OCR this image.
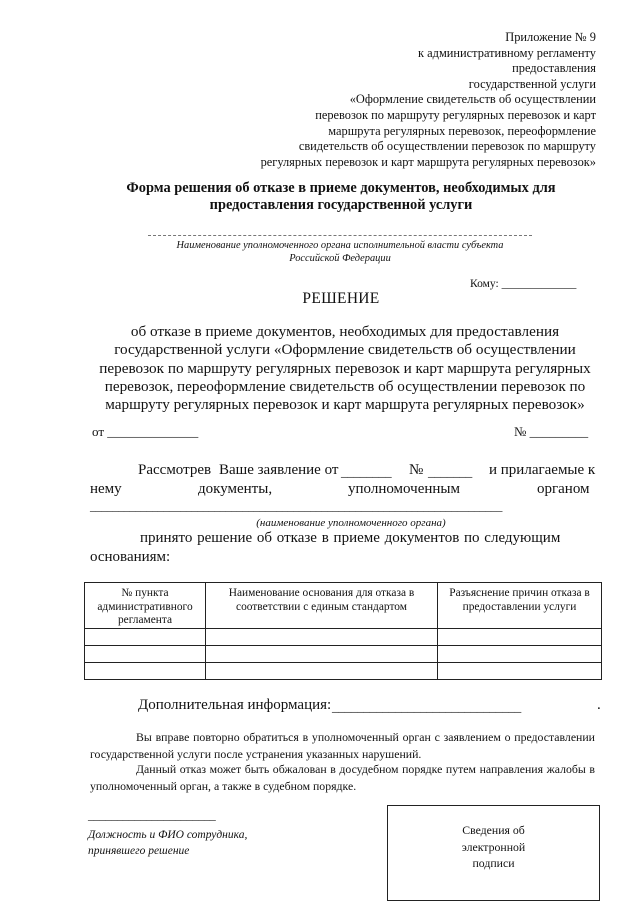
Приложение № 9
к административному регламенту
предоставления
государственной услуги
«Оформление свидетельств об осуществлении
перевозок по маршруту регулярных перевозок и карт
маршрута регулярных перевозок, переоформление
свидетельств об осуществлении перевозок по маршруту
регулярных перевозок и карт маршрута регулярных перевозок»
Форма решения об отказе в приеме документов, необходимых для
предоставления государственной услуги
Наименование уполномоченного органа исполнительной власти субъекта
Российской Федерации
Кому: _____________
РЕШЕНИЕ
об отказе в приеме документов, необходимых для предоставления
государственной услуги «Оформление свидетельств об осуществлении
перевозок по маршруту регулярных перевозок и карт маршрута регулярных
перевозок, переоформление свидетельств об осуществлении перевозок по
маршруту регулярных перевозок и карт маршрута регулярных перевозок»
от ______________	№ _________
Рассмотрев Ваше заявление от ________ № _______ и прилагаемые к
нему	документы,	уполномоченным	органом
_________________________________________________________________________
(наименование уполномоченного органа)
принято решение об отказе в приеме документов по следующим
основаниям:
№ пункта административного регламента	Наименование основания для отказа в соответствии с единым стандартом	Разъяснение причин отказа в предоставлении услуги

Дополнительная информация: ______________________________	.
Вы вправе повторно обратиться в уполномоченный орган с заявлением о предоставлении государственной услуги после устранения указанных нарушений.
Данный отказ может быть обжалован в досудебном порядке путем направления жалобы в уполномоченный орган, а также в судебном порядке.
______________________
Должность и ФИО сотрудника,
принявшего решение
Сведения об
электронной
подписи
